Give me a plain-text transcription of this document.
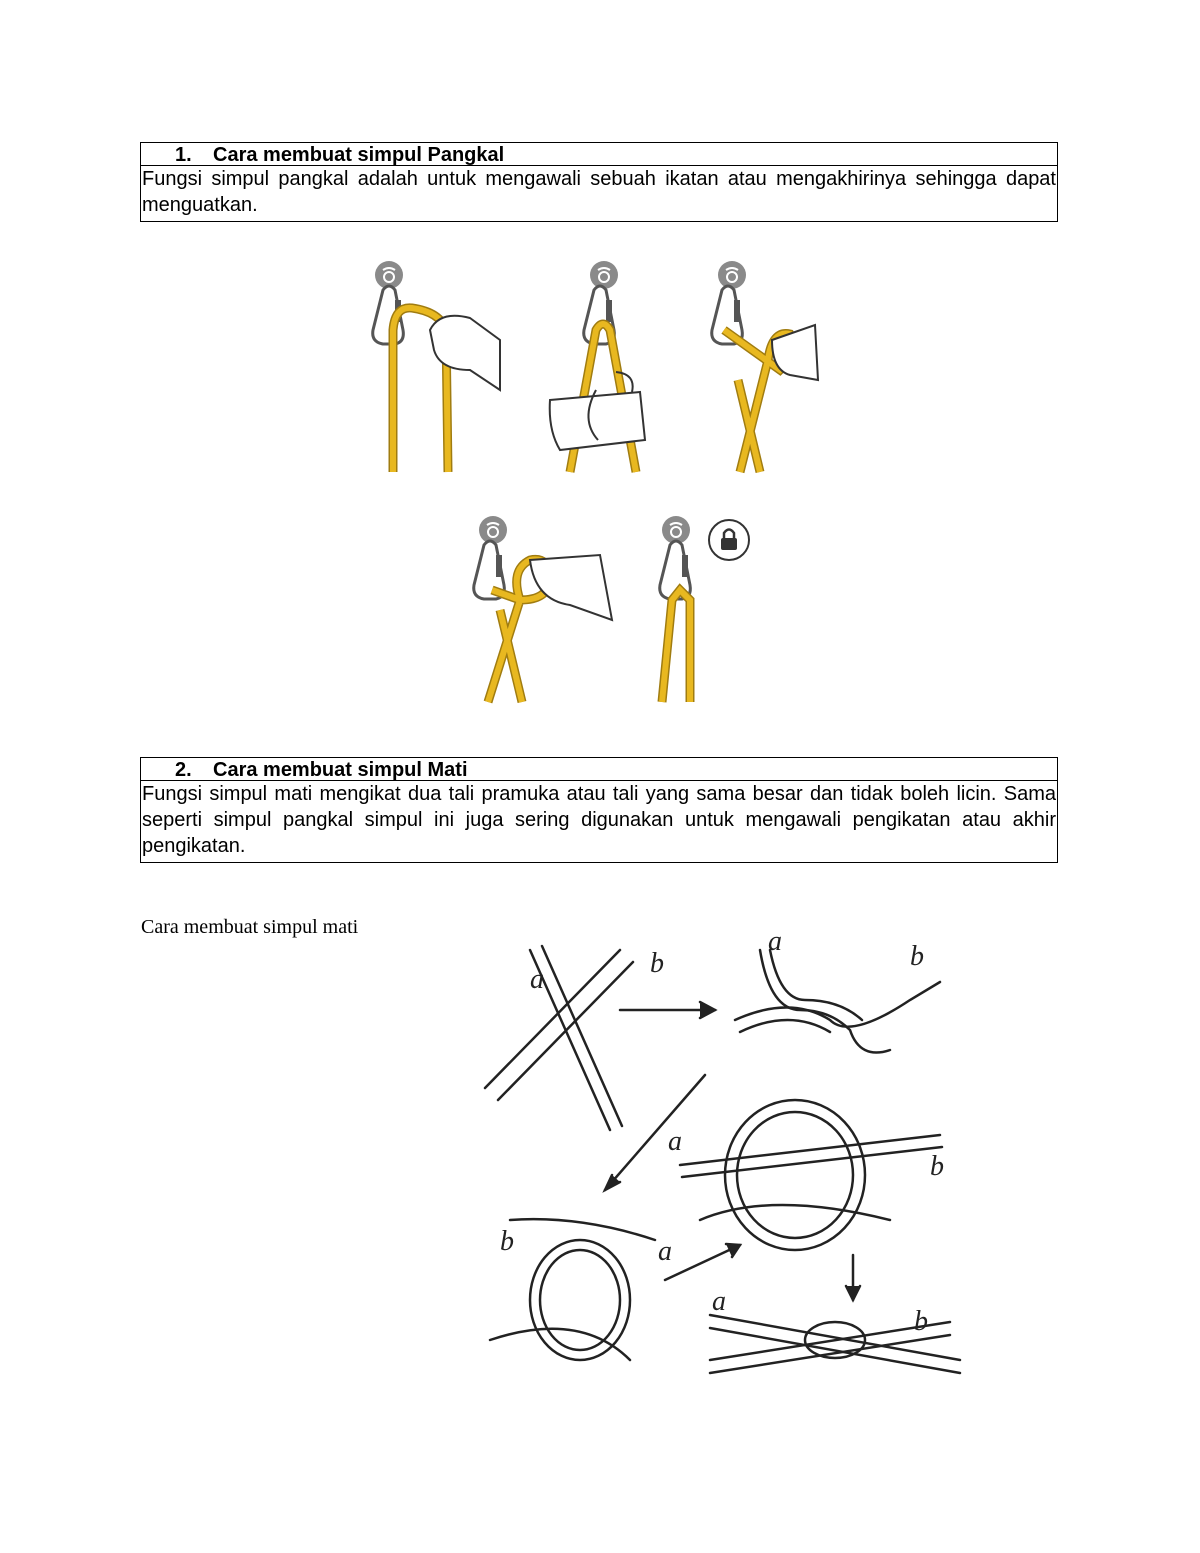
1. Cara membuat simpul Pangkal
Fungsi simpul pangkal adalah untuk mengawali sebuah ikatan atau mengakhirinya sehingga dapat menguatkan.
2. Cara membuat simpul Mati
Fungsi simpul mati mengikat dua tali pramuka atau tali yang sama besar dan tidak boleh licin. Sama seperti simpul pangkal simpul ini juga sering digunakan untuk mengawali pengikatan atau akhir pengikatan.
Cara membuat simpul mati
a
b
a	b
a
b
b	a
a
b
